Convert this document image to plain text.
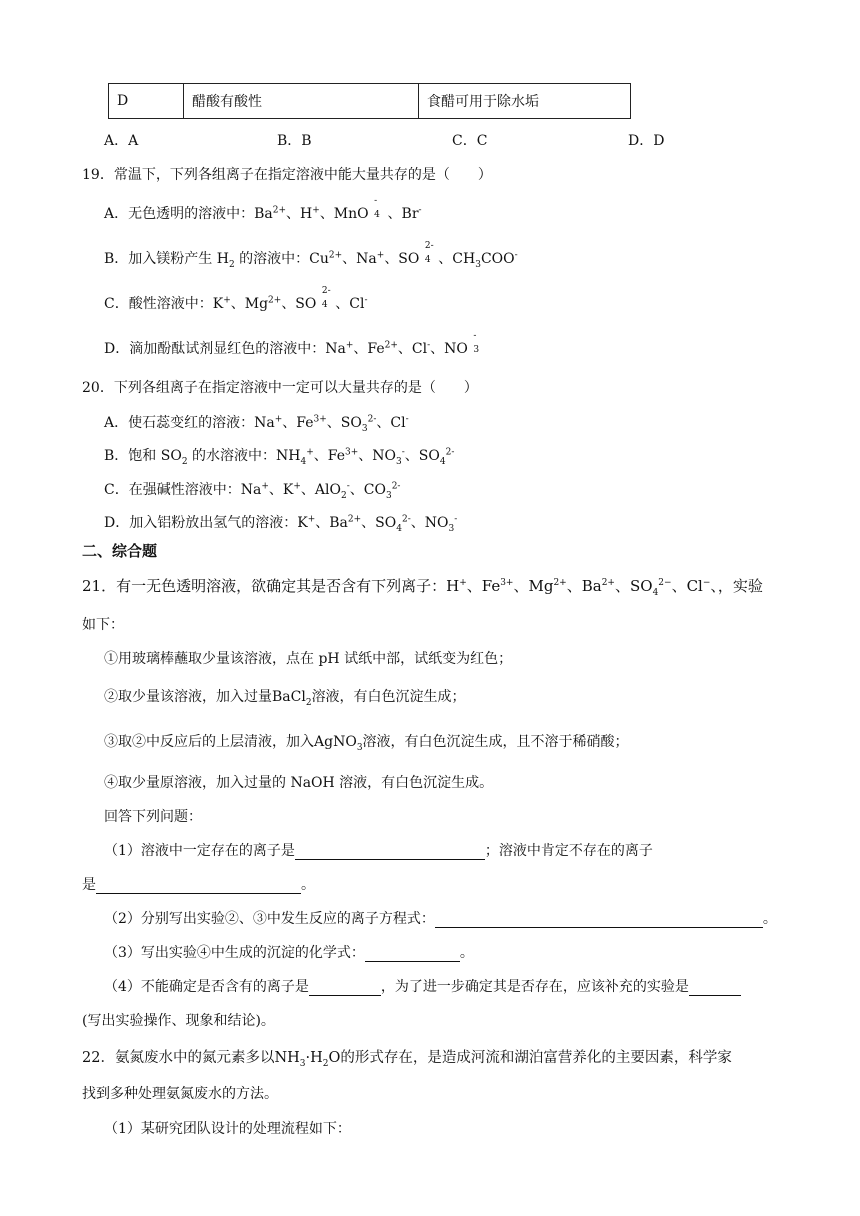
D	醋酸有酸性	食醋可用于除水垢
A．A	B．B	C．C	D．D
19．常温下，下列各组离子在指定溶液中能大量共存的是（　　）
A．无色透明的溶液中：$Ba^{2+}$、H+、MnO
-
4 、Br-
B．加入镁粉产生 $H_2$ 的溶液中：$Cu^{2+}$、Na+、SO
2-
4 、$CH_3COO^-$
C．酸性溶液中：K+、$Mg^{2+}$、SO
2-
4 、Cl-
D．滴加酚酞试剂显红色的溶液中：Na+、$Fe^{2+}$、Cl-、NO
-
3
20．下列各组离子在指定溶液中一定可以大量共存的是（　　）
A．使石蕊变红的溶液：Na+、$Fe^{3+}$、$SO_3^{2-}$、Cl-
B．饱和 $SO_2$ 的水溶液中：$NH_4^+$、$Fe^{3+}$、$NO_3^-$、$SO_4^{2-}$
C．在强碱性溶液中：Na+、K+、AlO$_2$-、$CO_3^{2-}$
D．加入铝粉放出氢气的溶液：K+、$Ba^{2+}$、$SO_4^{2-}$、$NO_3^-$
二、综合题
21．有一无色透明溶液，欲确定其是否含有下列离子：H+、$Fe^{3+}$、$Mg^{2+}$、$Ba^{2+}$、$SO_4^{2-}$、Cl−、，实验
如下：
①用玻璃棒蘸取少量该溶液，点在 pH 试纸中部，试纸变为红色；
②取少量该溶液，加入过量BaCl$_2$溶液，有白色沉淀生成；
③取②中反应后的上层清液，加入AgNO$_3$溶液，有白色沉淀生成，且不溶于稀硝酸；
④取少量原溶液，加入过量的 NaOH 溶液，有白色沉淀生成。
回答下列问题：
（1）溶液中一定存在的离子是	；溶液中肯定不存在的离子
是	。
（2）分别写出实验②、③中发生反应的离子方程式：	。
（3）写出实验④中生成的沉淀的化学式：	。
（4）不能确定是否含有的离子是	，为了进一步确定其是否存在，应该补充的实验是
(写出实验操作、现象和结论)。
22．氨氮废水中的氮元素多以$NH_3\cdot H_2O$的形式存在，是造成河流和湖泊富营养化的主要因素，科学家
找到多种处理氨氮废水的方法。
（1）某研究团队设计的处理流程如下：
